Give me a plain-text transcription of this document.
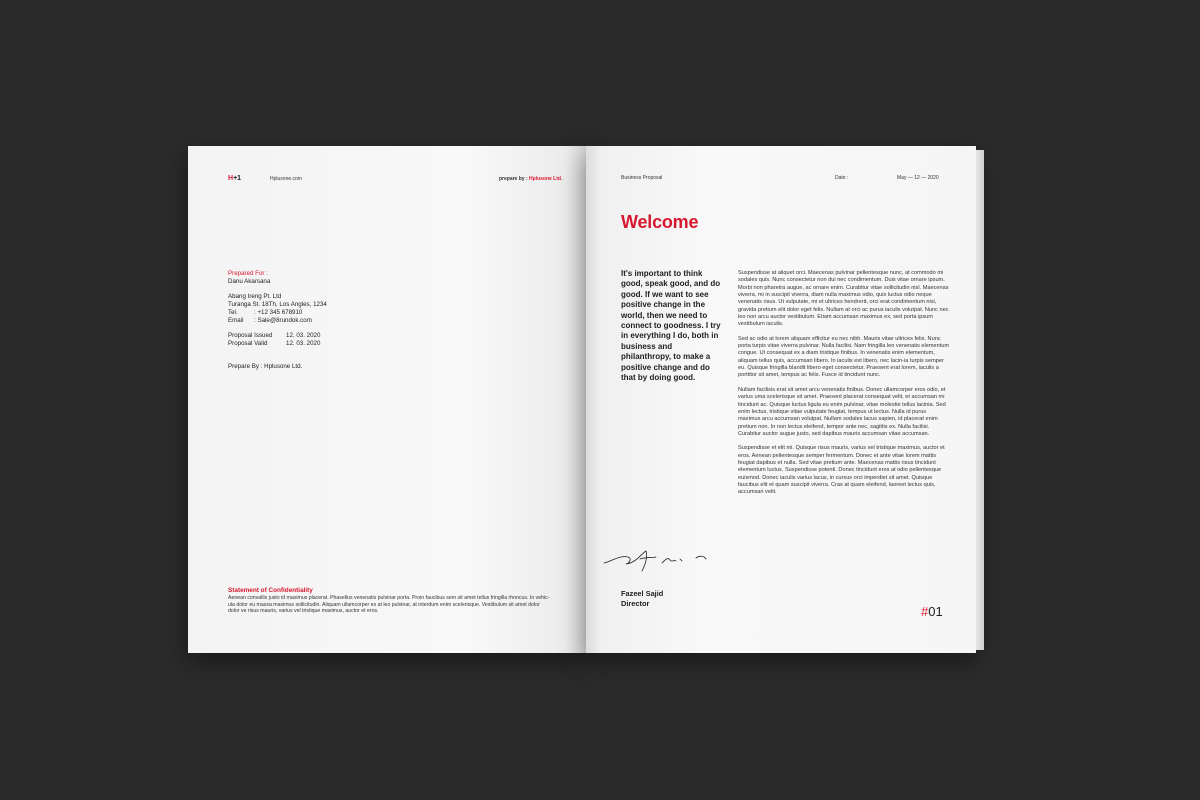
H+1	Hplusone.com	prepare by : Hplusone Ltd.
Prepared For :
Danu Akarsana
Abang Ireng Pt. Ltd
Turanga St. 18Th, Los Angles, 1234
Tel.	: +12 345 678910
Email	: Sale@8rundok.com
Proposal Issued	12. 03. 2020
Proposal Valid	12. 03. 2020
Prepare By : Hplusone Ltd.
Statement of Confidentiality
Aenean convallis justo id maximus placerat. Phasellus venenatis pulvinar porta. Proin faucibus sem sit amet tellus fringilla rhoncus. In vehic-
ula dolor eu massa maximus sollicitudin. Aliquam ullamcorper ex at leo pulvinar, at interdum enim scelerisque. Vestibulum sit amet dolor
dolor ve risus mauris, varius vel tristique maximus, auctor et eros.
Business Proposal	Date :	May — 12 — 2020
Welcome
It's important to think good, speak good, and do good. If we want to see positive change in the world, then we need to connect to goodness. I try in everything I do, both in business and philanthropy, to make a positive change and do that by doing good.

Suspendisse at aliquet orci. Maecenas pulvinar pellentesque nunc, at commodo mi sodales quis. Nunc consectetur non dui nec condimentum. Duis vitae ornare ipsum. Morbi non pharetra augue, ac ornare enim. Curabitur vitae sollicitudin nisl. Maecenas viverra, mi in suscipit viverra, diam nulla maximus odio, quis luctus odio neque venenatis risus. Ut vulputate, mi et ultrices hendrerit, orci erat condimentum nisi, gravida pretium elit dolor eget felis. Nullam at orci ac purus iaculis volutpat. Nunc nec leo non arcu auctor vestibulum. Etiam accumsan maximus ex, sed porta ipsum vestibulum iaculis.

Sed ac odio at lorem aliquam efficitur eu nec nibh. Mauris vitae ultrices felis. Nunc porta turpis vitae viverra pulvinar. Nulla facilisi. Nam fringilla leo venenatis elementum congue. Ut consequat ex a diam tristique finibus. In venenatis enim elementum, aliquam tellus quis, accumsan libero. In iaculis est libero, nec lacin-ia turpis semper eu. Quisque fringilla blandit libero eget consectetur. Praesent erat lorem, iaculis a porttitor sit amet, tempus ac felis. Fusce id tincidunt nunc.

Nullam facilisis erat sit amet arcu venenatis finibus. Donec ullamcorper eros odio, et varius uma scelerisque sit amet. Praesent placerat consequat velit, et accumsan mi tincidunt ac. Quisque luctus ligula eu enim pulvinar, vitae molestie tellus lacinia. Sed enim lectus, tristique vitae vulputate feugiat, tempus ut lectus. Nulla id purus maximus arcu accumsan volutpat. Nullam sodales lacus sapien, id placerat enim pretium non. In non lectus eleifend, tempor ante nec, sagittis ex. Nulla facilisi. Curabitur auctor augue justo, sed dapibus mauris accumsan vitae accumsan.

Suspendisse et elit mi. Quisque risus mauris, varius vel tristique maximus, auctor et eros. Aenean pellentesque semper fermentum. Donec et ante vitae lorem mattis feugiat dapibus et nulla. Sed vitae pretium ante. Maecenas mattis risus tincidunt elementum luctus. Suspendisse potenti. Donec tincidunt eros at odio pellentesque euismod. Donec iaculis varius lacus, in cursus orci imperdiet sit amet. Quisque faucibus elit et quam suscipit viverra. Cras at quam eleifend, laoreet lectus quis, accumsan velit.

Fazeel Sajid
Director
#01
